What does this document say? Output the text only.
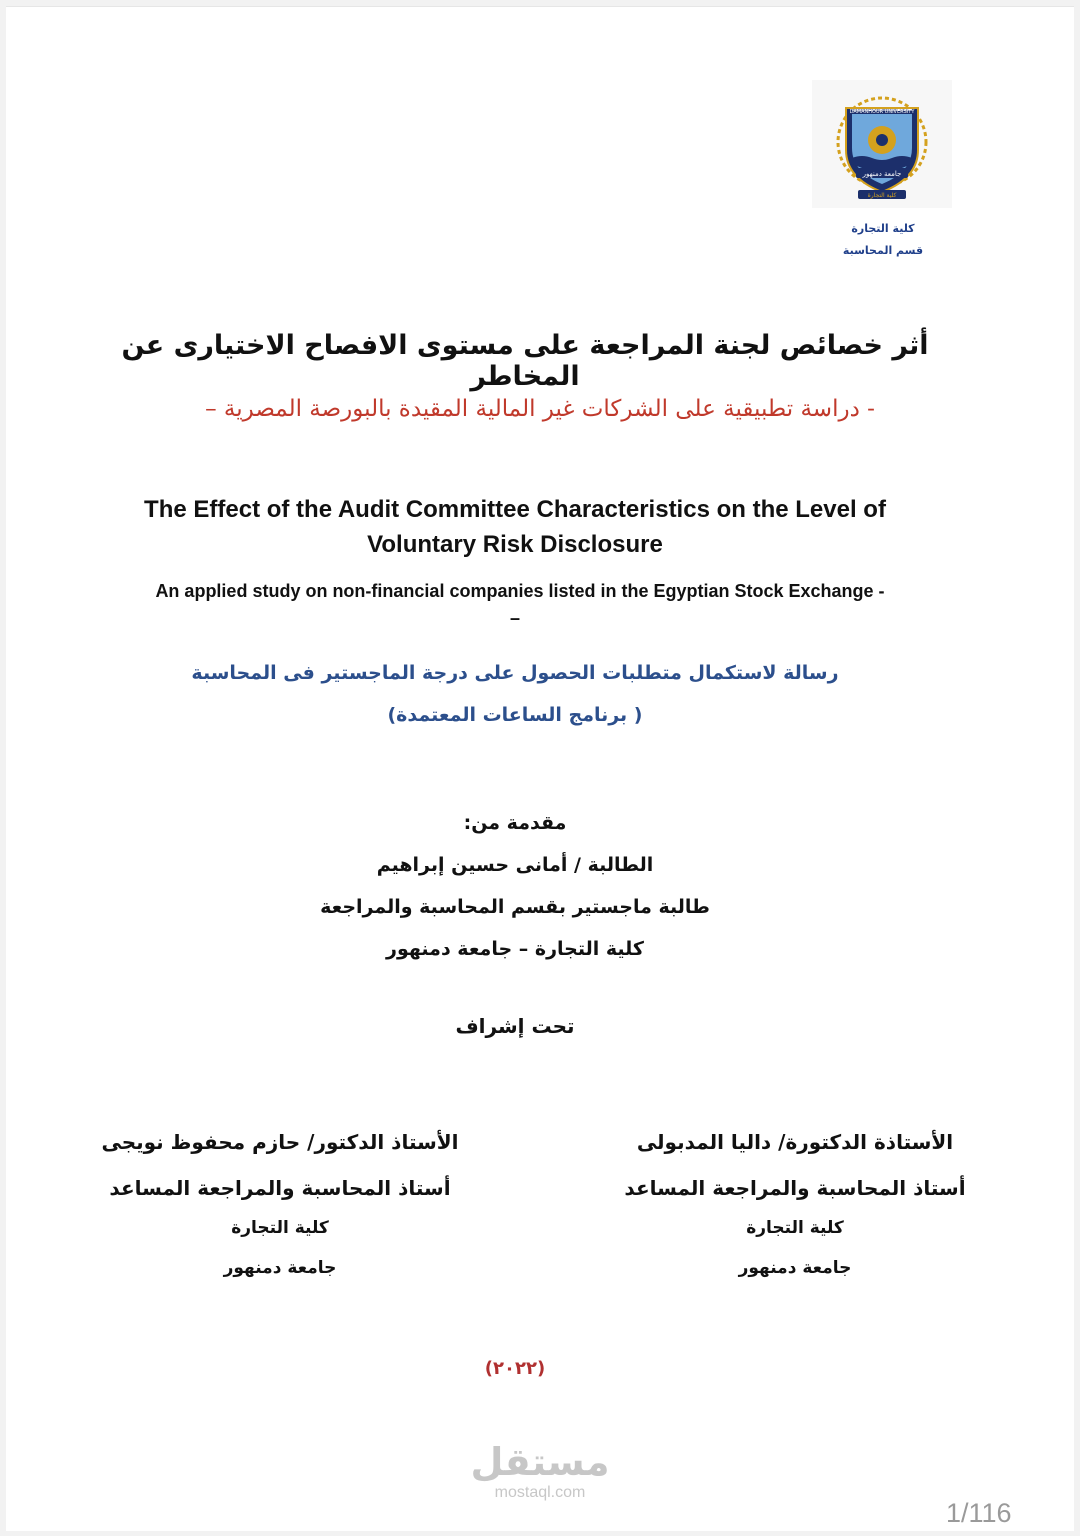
DAMANHOUR UNIVERSITY
جامعة دمنهور
كلية التجارة
كلية التجارة
قسم المحاسبة
أثر خصائص لجنة المراجعة على مستوى الافصاح الاختيارى عن المخاطر
- دراسة تطبيقية على الشركات غير المالية المقيدة بالبورصة المصرية –
The Effect of the Audit Committee Characteristics on the Level of
Voluntary Risk Disclosure
An applied study on non-financial companies listed in the Egyptian Stock Exchange -
–
رسالة لاستكمال متطلبات الحصول على درجة الماجستير فى المحاسبة
( برنامج الساعات المعتمدة)
مقدمة من:
الطالبة / أمانى حسين إبراهيم
طالبة ماجستير بقسم المحاسبة والمراجعة
كلية التجارة – جامعة دمنهور
تحت إشراف
الأستاذة الدكتورة/ داليا المدبولى
أستاذ المحاسبة والمراجعة المساعد
كلية التجارة
جامعة دمنهور
الأستاذ الدكتور/ حازم محفوظ نويجى
أستاذ المحاسبة والمراجعة المساعد
كلية التجارة
جامعة دمنهور
(٢٠٢٢)
مستقل
mostaql.com
1/116
